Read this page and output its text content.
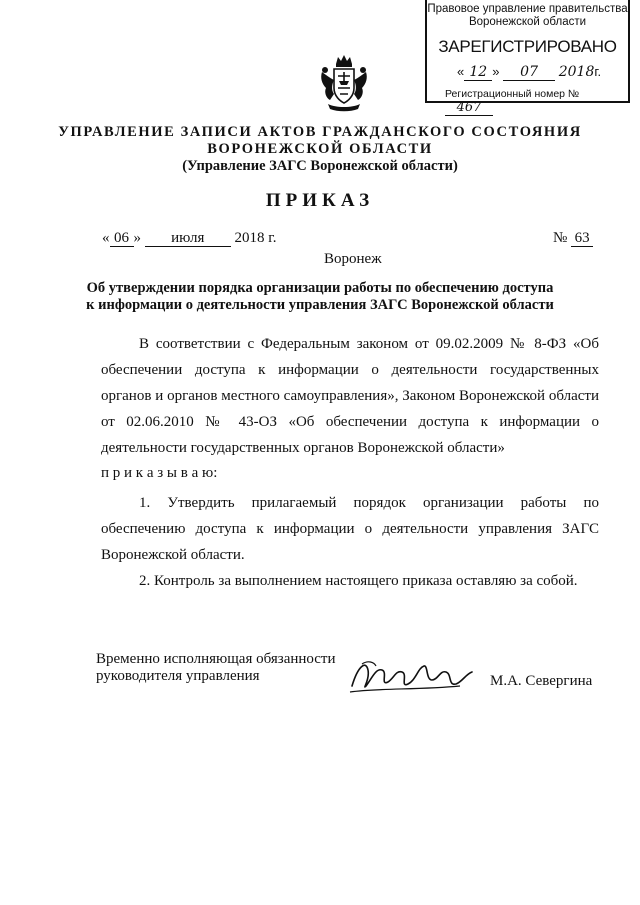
Правовое управление правительства
Воронежской области
ЗАРЕГИСТРИРОВАНО
« 12 » 07 2018г.
Регистрационный номер № 467
УПРАВЛЕНИЕ ЗАПИСИ АКТОВ ГРАЖДАНСКОГО СОСТОЯНИЯ
ВОРОНЕЖСКОЙ ОБЛАСТИ
(Управление ЗАГС Воронежской области)
ПРИКАЗ
« 06 » июля 2018 г.	№ 63
Воронеж
Об утверждении порядка организации работы по обеспечению доступа
к информации о деятельности управления ЗАГС Воронежской области
В соответствии с Федеральным законом от 09.02.2009 № 8-ФЗ «Об обеспечении доступа к информации о деятельности государственных органов и органов местного самоуправления», Законом Воронежской области от 02.06.2010 № 43-ОЗ «Об обеспечении доступа к информации о деятельности государственных органов Воронежской области»
п р и к а з ы в а ю:
1. Утвердить прилагаемый порядок организации работы по обеспечению доступа к информации о деятельности управления ЗАГС Воронежской области.
2. Контроль за выполнением настоящего приказа оставляю за собой.
Временно исполняющая обязанности
руководителя управления	М.А. Севергина
